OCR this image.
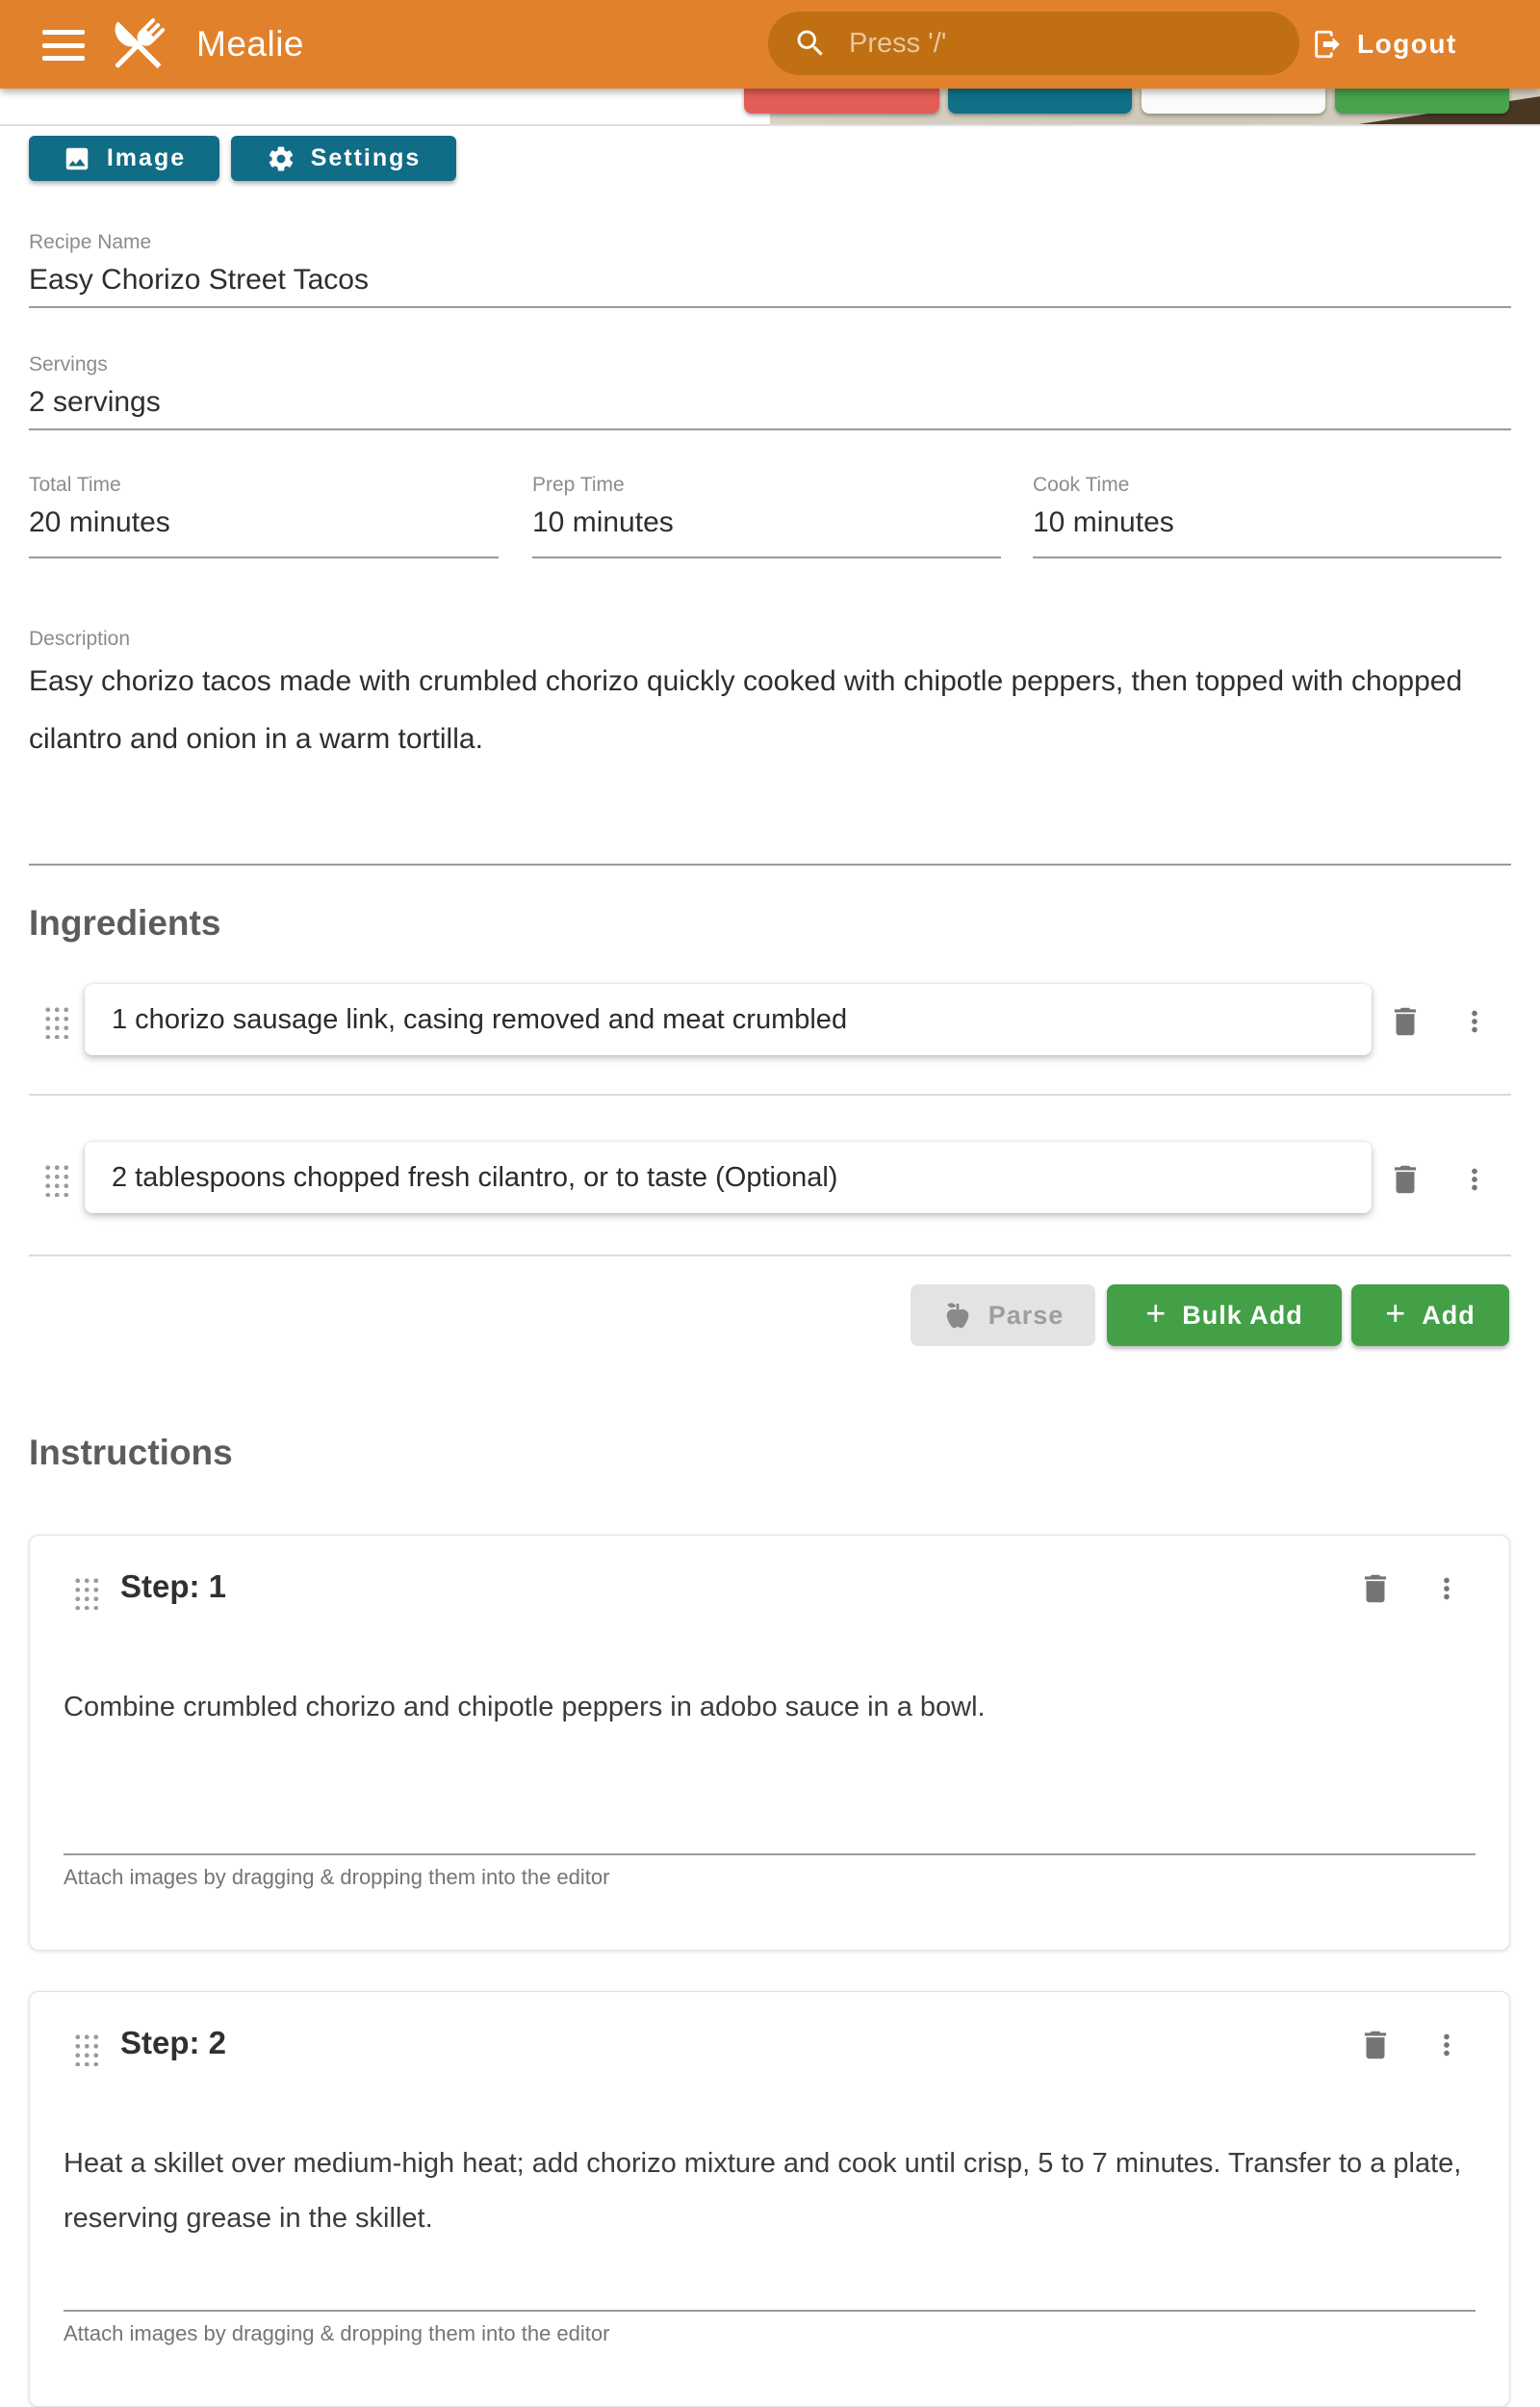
Mealie	Press '/'	Logout
Image	Settings
Recipe Name
Easy Chorizo Street Tacos
Servings
2 servings
Total Time
20 minutes
Prep Time
10 minutes
Cook Time
10 minutes
Description
Easy chorizo tacos made with crumbled chorizo quickly cooked with chipotle peppers, then topped with chopped cilantro and onion in a warm tortilla.
Ingredients
1 chorizo sausage link, casing removed and meat crumbled
2 tablespoons chopped fresh cilantro, or to taste (Optional)
Parse + Bulk Add + Add
Instructions
Step: 1
Combine crumbled chorizo and chipotle peppers in adobo sauce in a bowl.
Attach images by dragging & dropping them into the editor
Step: 2
Heat a skillet over medium-high heat; add chorizo mixture and cook until crisp, 5 to 7 minutes. Transfer to a plate, reserving grease in the skillet.
Attach images by dragging & dropping them into the editor
